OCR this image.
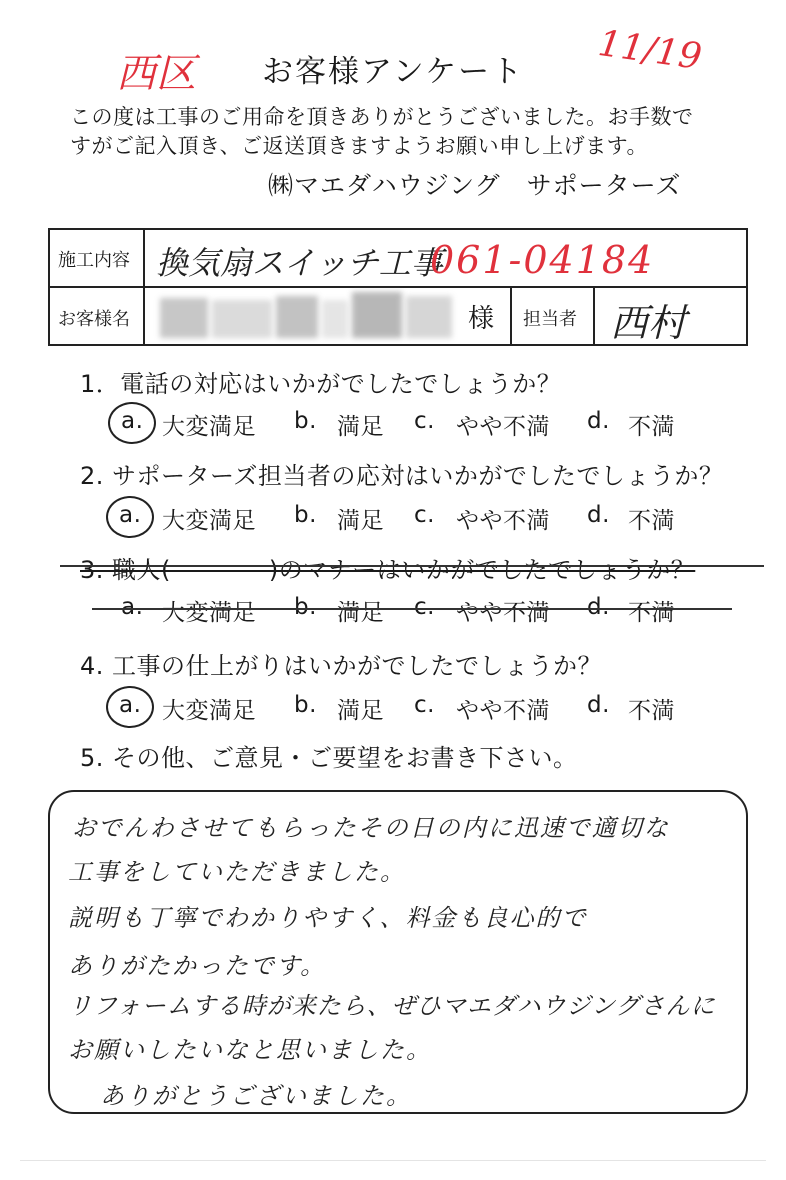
西区 お客様アンケート 11/19
この度は工事のご用命を頂きありがとうございました。お手数で
すがご記入頂き、ご返送頂きますようお願い申し上げます。
㈱マエダハウジング　サポーターズ
施工内容 換気扇スイッチ工事
061-04184
お客様名	様 担当者 西村
1．電話の対応はいかがでしたでしょうか？
a. 大変満足 b. 満足 c. やや不満 d. 不満
2. サポーターズ担当者の応対はいかがでしたでしょうか？
a. 大変満足 b. 満足 c. やや不満 d. 不満
3. 職人(　　　　)のマナーはいかがでしたでしょうか？
a. 大変満足 b. 満足 c. やや不満 d. 不満
4. 工事の仕上がりはいかがでしたでしょうか？
a. 大変満足 b. 満足 c. やや不満 d. 不満
5. その他、ご意見・ご要望をお書き下さい。
おでんわさせてもらったその日の内に迅速で適切な
工事をしていただきました。
説明も丁寧でわかりやすく、料金も良心的で
ありがたかったです。
リフォームする時が来たら、ぜひマエダハウジングさんに
お願いしたいなと思いました。
ありがとうございました。
